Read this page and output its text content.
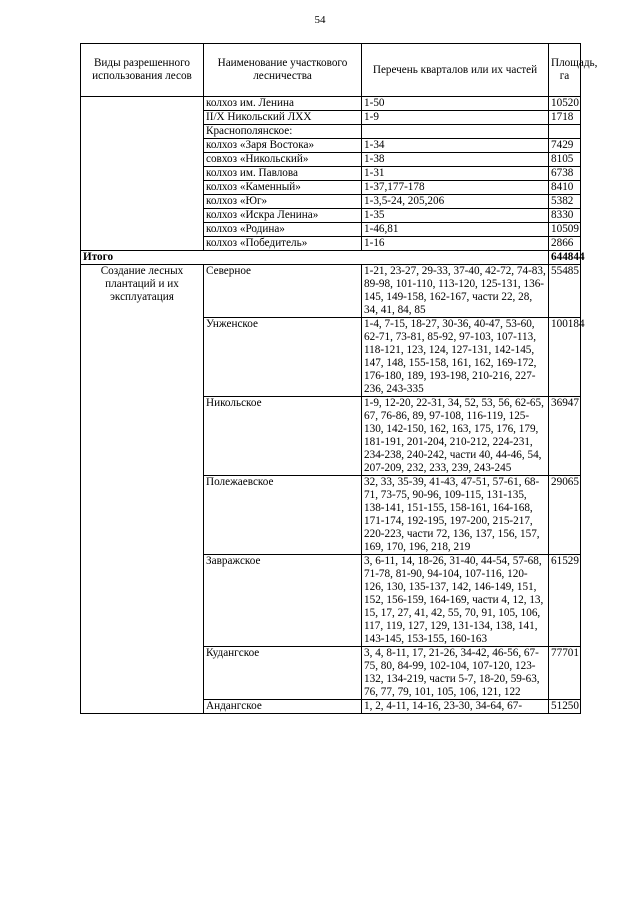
54
Виды разрешенного использования лесов	Наименование участкового лесничества	Перечень кварталов или их частей	Площадь, га
	колхоз им. Ленина	1-50	10520
	II/X Никольский ЛХХ	1-9	1718
	Краснополянское:		
	колхоз «Заря Востока»	1-34	7429
	совхоз «Никольский»	1-38	8105
	колхоз им. Павлова	1-31	6738
	колхоз «Каменный»	1-37,177-178	8410
	колхоз «Юг»	1-3,5-24, 205,206	5382
	колхоз «Искра Ленина»	1-35	8330
	колхоз «Родина»	1-46,81	10509
	колхоз «Победитель»	1-16	2866
Итого			644844
Создание лесных плантаций и их эксплуатация	Северное	1-21, 23-27, 29-33, 37-40, 42-72, 74-83, 89-98, 101-110, 113-120, 125-131, 136-145, 149-158, 162-167, части 22, 28, 34, 41, 84, 85	55485
	Унженское	1-4, 7-15, 18-27, 30-36, 40-47, 53-60, 62-71, 73-81, 85-92, 97-103, 107-113, 118-121, 123, 124, 127-131, 142-145, 147, 148, 155-158, 161, 162, 169-172, 176-180, 189, 193-198, 210-216, 227-236, 243-335	100184
	Никольское	1-9, 12-20, 22-31, 34, 52, 53, 56, 62-65, 67, 76-86, 89, 97-108, 116-119, 125-130, 142-150, 162, 163, 175, 176, 179, 181-191, 201-204, 210-212, 224-231, 234-238, 240-242, части 40, 44-46, 54, 207-209, 232, 233, 239, 243-245	36947
	Полежаевское	32, 33, 35-39, 41-43, 47-51, 57-61, 68-71, 73-75, 90-96, 109-115, 131-135, 138-141, 151-155, 158-161, 164-168, 171-174, 192-195, 197-200, 215-217, 220-223, части 72, 136, 137, 156, 157, 169, 170, 196, 218, 219	29065
	Завражское	3, 6-11, 14, 18-26, 31-40, 44-54, 57-68, 71-78, 81-90, 94-104, 107-116, 120-126, 130, 135-137, 142, 146-149, 151, 152, 156-159, 164-169, части 4, 12, 13, 15, 17, 27, 41, 42, 55, 70, 91, 105, 106, 117, 119, 127, 129, 131-134, 138, 141, 143-145, 153-155, 160-163	61529
	Кудангское	3, 4, 8-11, 17, 21-26, 34-42, 46-56, 67-75, 80, 84-99, 102-104, 107-120, 123-132, 134-219, части 5-7, 18-20, 59-63, 76, 77, 79, 101, 105, 106, 121, 122	77701
	Андангское	1, 2, 4-11, 14-16, 23-30, 34-64, 67-	51250
